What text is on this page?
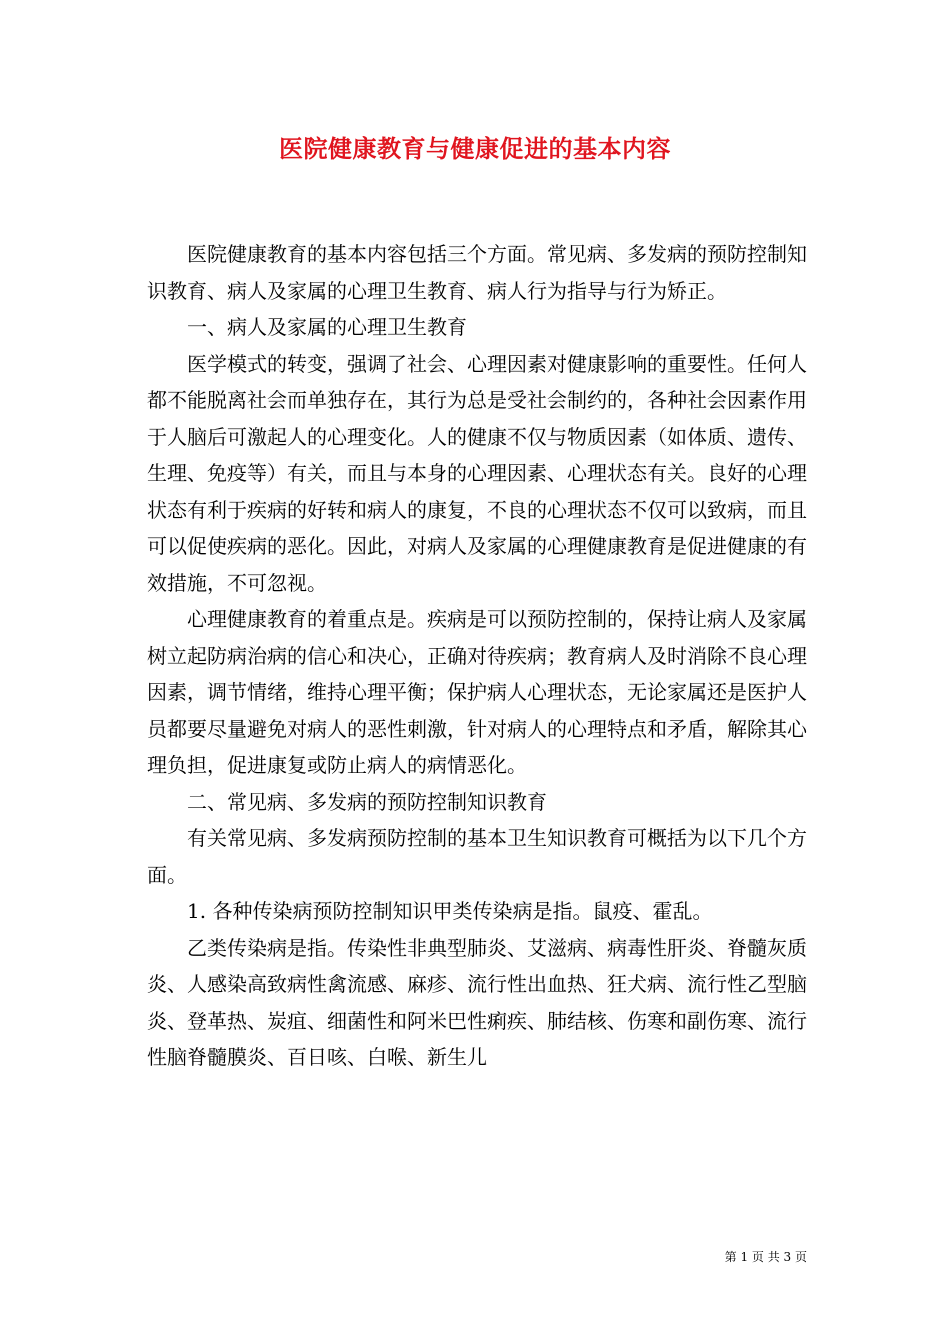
医院健康教育与健康促进的基本内容

医院健康教育的基本内容包括三个方面。常见病、多发病的预防控制知识教育、病人及家属的心理卫生教育、病人行为指导与行为矫正。

一、病人及家属的心理卫生教育

医学模式的转变，强调了社会、心理因素对健康影响的重要性。任何人都不能脱离社会而单独存在，其行为总是受社会制约的，各种社会因素作用于人脑后可激起人的心理变化。人的健康不仅与物质因素（如体质、遗传、生理、免疫等）有关，而且与本身的心理因素、心理状态有关。良好的心理状态有利于疾病的好转和病人的康复，不良的心理状态不仅可以致病，而且可以促使疾病的恶化。因此，对病人及家属的心理健康教育是促进健康的有效措施，不可忽视。

心理健康教育的着重点是。疾病是可以预防控制的，保持让病人及家属树立起防病治病的信心和决心，正确对待疾病；教育病人及时消除不良心理因素，调节情绪，维持心理平衡；保护病人心理状态，无论家属还是医护人员都要尽量避免对病人的恶性刺激，针对病人的心理特点和矛盾，解除其心理负担，促进康复或防止病人的病情恶化。

二、常见病、多发病的预防控制知识教育

有关常见病、多发病预防控制的基本卫生知识教育可概括为以下几个方面。

1. 各种传染病预防控制知识甲类传染病是指。鼠疫、霍乱。

乙类传染病是指。传染性非典型肺炎、艾滋病、病毒性肝炎、脊髓灰质炎、人感染高致病性禽流感、麻疹、流行性出血热、狂犬病、流行性乙型脑炎、登革热、炭疽、细菌性和阿米巴性痢疾、肺结核、伤寒和副伤寒、流行性脑脊髓膜炎、百日咳、白喉、新生儿

第 1 页 共 3 页
